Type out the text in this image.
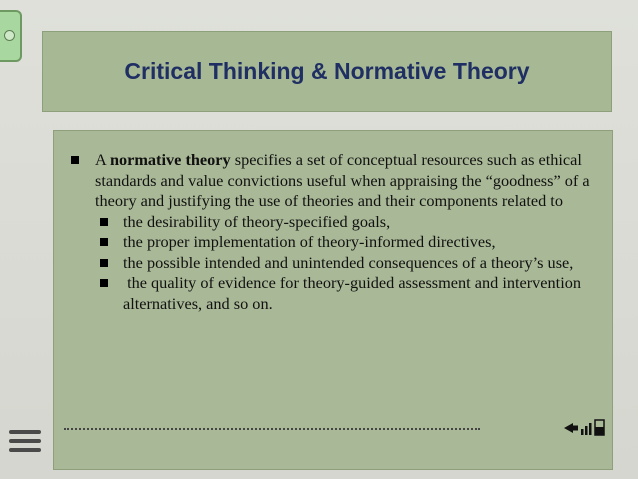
Critical Thinking & Normative Theory
A normative theory specifies a set of conceptual resources such as ethical standards and value convictions useful when appraising the “goodness” of a theory and justifying the use of theories and their components related to
the desirability of theory-specified goals,
the proper implementation of theory-informed directives,
the possible intended and unintended consequences of a theory’s use,
the quality of evidence for theory-guided assessment and intervention alternatives, and so on.
